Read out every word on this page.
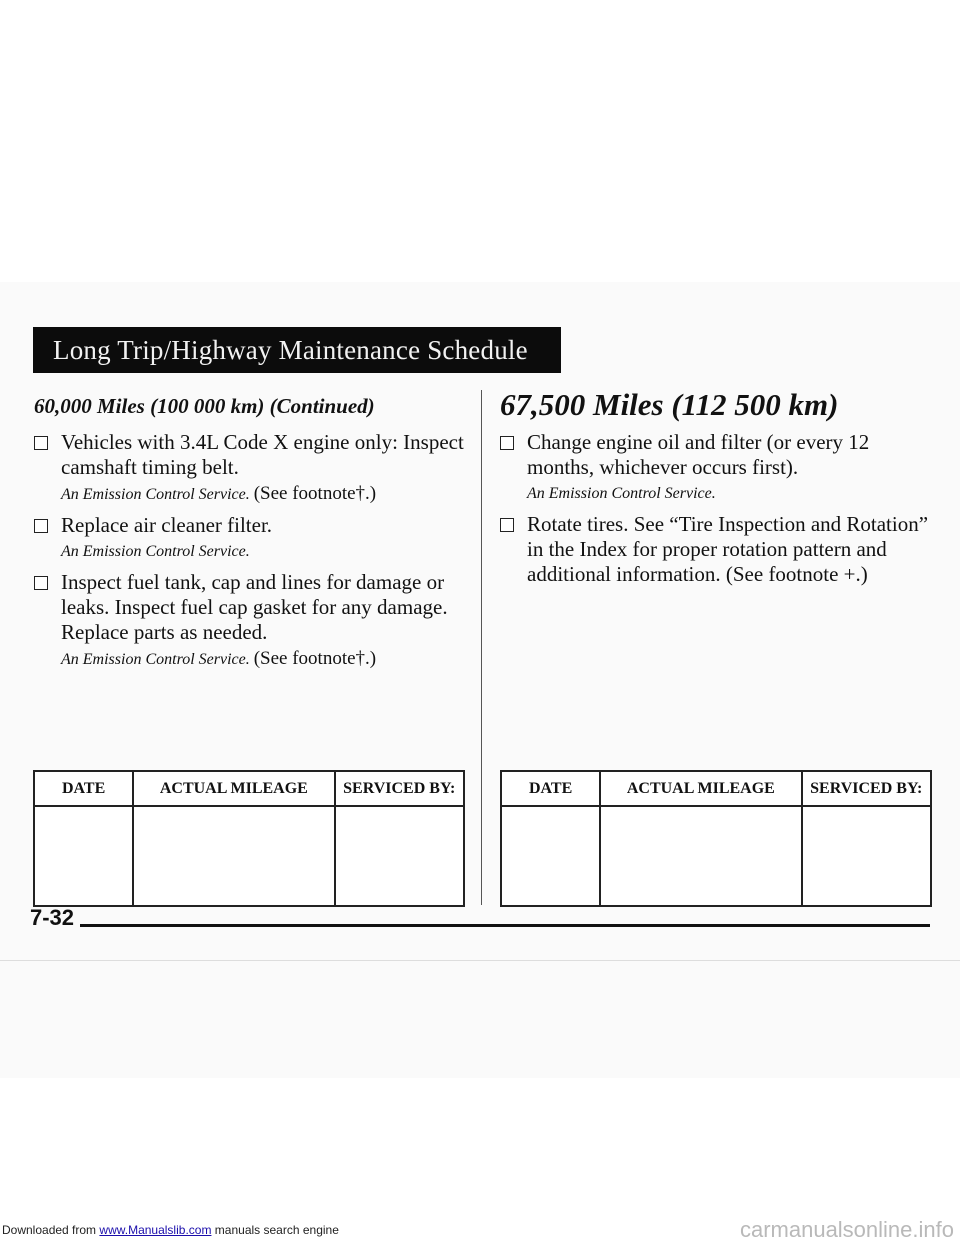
Long Trip/Highway Maintenance Schedule
60,000 Miles (100 000 km) (Continued)
Vehicles with 3.4L Code X engine only: Inspect camshaft timing belt.
An Emission Control Service. (See footnote†.)
Replace air cleaner filter.
An Emission Control Service.
Inspect fuel tank, cap and lines for damage or leaks. Inspect fuel cap gasket for any damage. Replace parts as needed.
An Emission Control Service. (See footnote†.)
67,500 Miles (112 500 km)
Change engine oil and filter (or every 12 months, whichever occurs first).
An Emission Control Service.
Rotate tires. See “Tire Inspection and Rotation” in the Index for proper rotation pattern and additional information. (See footnote +.)
DATE	ACTUAL MILEAGE	SERVICED BY:
			DATE	ACTUAL MILEAGE	SERVICED BY:

7-32
Downloaded from www.Manualslib.com manuals search engine	carmanualsonline.info
